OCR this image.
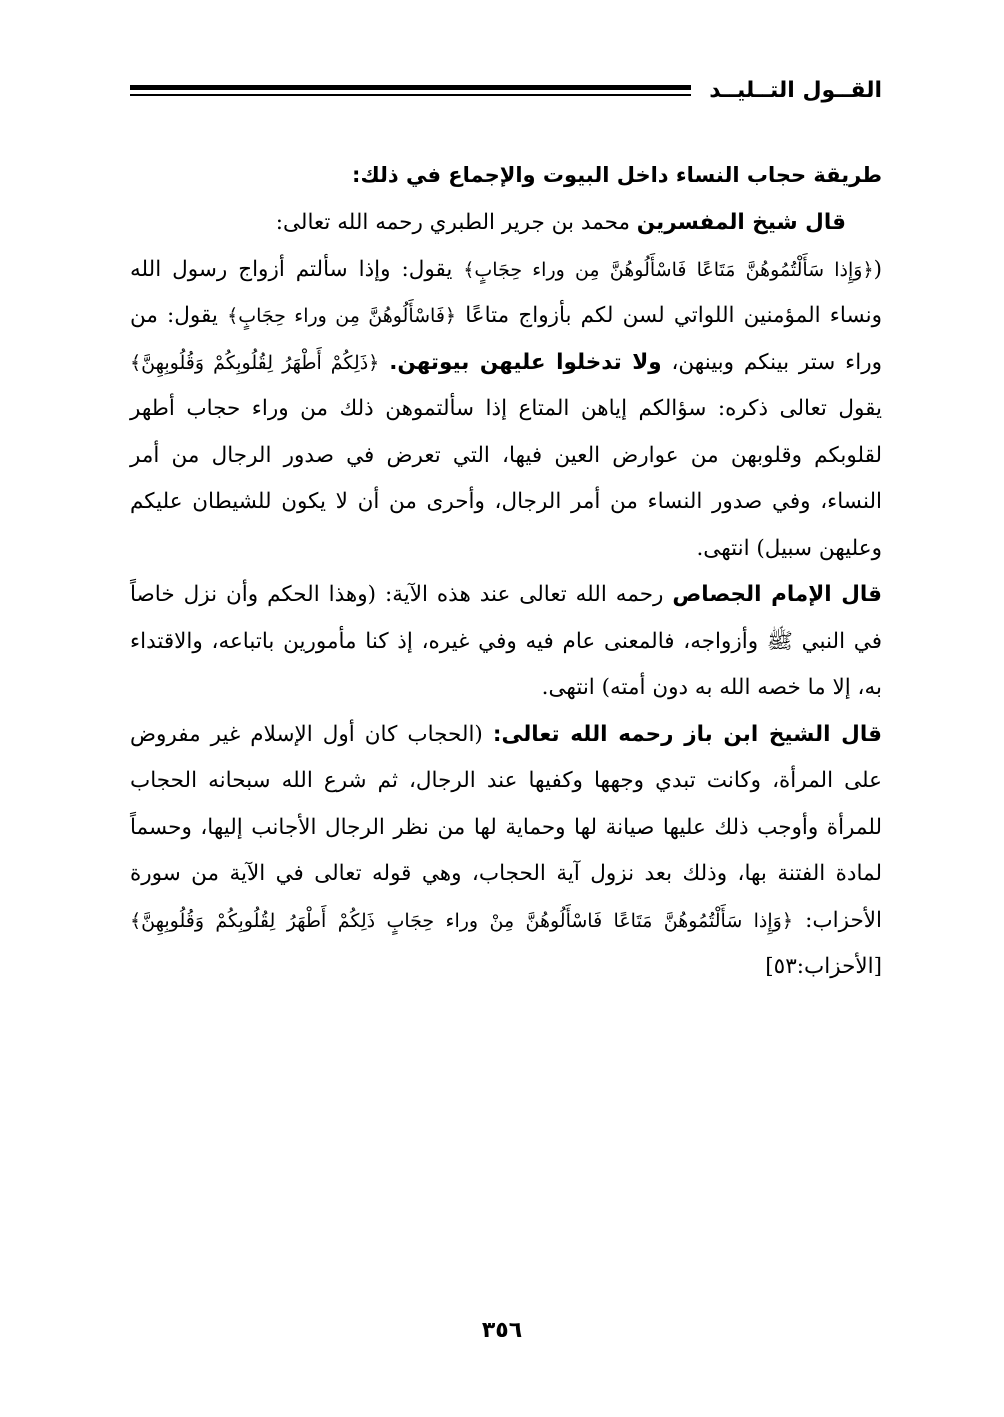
القــول التــليــد

طريقة حجاب النساء داخل البيوت والإجماع في ذلك:

قال شيخ المفسرين محمد بن جرير الطبري رحمه الله تعالى:
(﴿وَإِذا سَأَلْتُمُوهُنَّ مَتَاعًا فَاسْأَلُوهُنَّ مِن وراء حِجَابٍ﴾ يقول: وإذا سألتم أزواج رسول الله ونساء المؤمنين اللواتي لسن لكم بأزواج متاعًا ﴿فَاسْأَلُوهُنَّ مِن وراء حِجَابٍ﴾ يقول: من وراء ستر بينكم وبينهن، ولا تدخلوا عليهن بيوتهن. ﴿ذَلِكُمْ أَطْهَرُ لِقُلُوبِكُمْ وَقُلُوبِهِنَّ﴾ يقول تعالى ذكره: سؤالكم إياهن المتاع إذا سألتموهن ذلك من وراء حجاب أطهر لقلوبكم وقلوبهن من عوارض العين فيها، التي تعرض في صدور الرجال من أمر النساء، وفي صدور النساء من أمر الرجال، وأحرى من أن لا يكون للشيطان عليكم وعليهن سبيل) انتهى.

قال الإمام الجصاص رحمه الله تعالى عند هذه الآية: (وهذا الحكم وأن نزل خاصاً في النبي ﷺ وأزواجه، فالمعنى عام فيه وفي غيره، إذ كنا مأمورين باتباعه، والاقتداء به، إلا ما خصه الله به دون أمته) انتهى.

قال الشيخ ابن باز رحمه الله تعالى: (الحجاب كان أول الإسلام غير مفروض على المرأة، وكانت تبدي وجهها وكفيها عند الرجال، ثم شرع الله سبحانه الحجاب للمرأة وأوجب ذلك عليها صيانة لها وحماية لها من نظر الرجال الأجانب إليها، وحسماً لمادة الفتنة بها، وذلك بعد نزول آية الحجاب، وهي قوله تعالى في الآية من سورة الأحزاب: ﴿وَإِذا سَأَلْتُمُوهُنَّ مَتَاعًا فَاسْأَلُوهُنَّ مِنْ وراء حِجَابٍ ذَلِكُمْ أَطْهَرُ لِقُلُوبِكُمْ وَقُلُوبِهِنَّ﴾ [الأحزاب:٥٣]

٣٥٦
